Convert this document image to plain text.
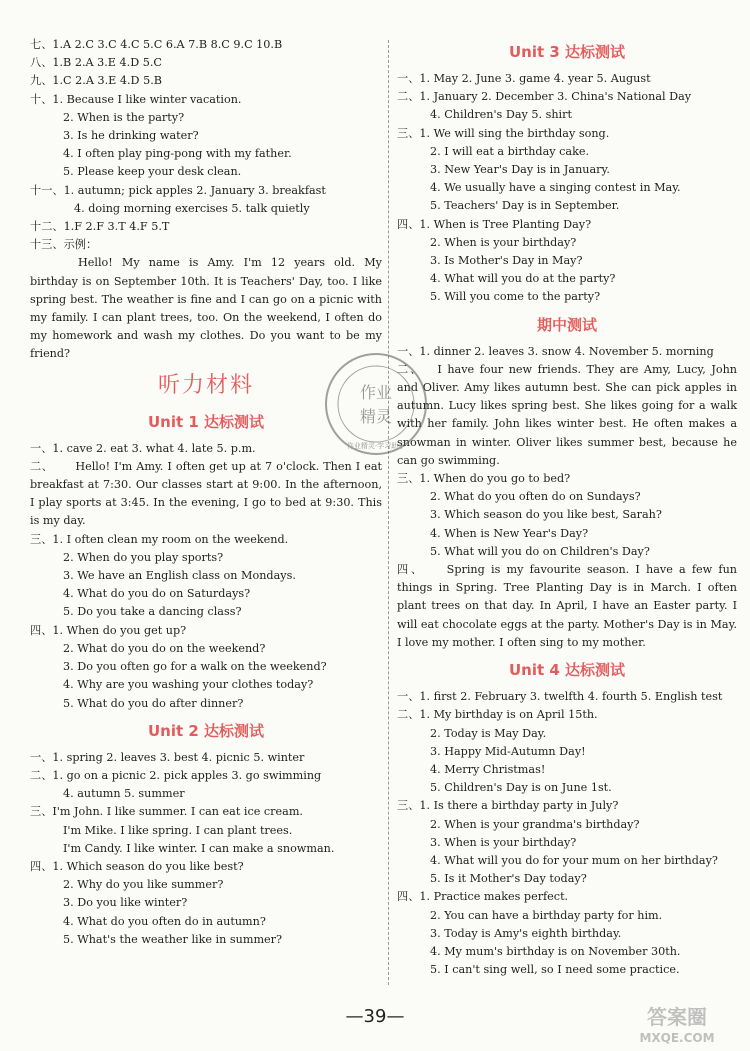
七、1.A 2.C 3.C 4.C 5.C 6.A 7.B 8.C 9.C 10.B
八、1.B 2.A 3.E 4.D 5.C
九、1.C 2.A 3.E 4.D 5.B
十、1. Because I like winter vacation.
2. When is the party?
3. Is he drinking water?
4. I often play ping-pong with my father.
5. Please keep your desk clean.
十一、1. autumn; pick apples 2. January 3. breakfast
4. doing morning exercises 5. talk quietly
十二、1.F 2.F 3.T 4.F 5.T
十三、示例：
Hello! My name is Amy. I'm 12 years old. My birthday is on September 10th. It is Teachers' Day, too. I like spring best. The weather is fine and I can go on a picnic with my family. I can plant trees, too. On the weekend, I often do my homework and wash my clothes. Do you want to be my friend?
听力材料
Unit 1 达标测试
一、1. cave 2. eat 3. what 4. late 5. p.m.
二、 Hello! I'm Amy. I often get up at 7 o'clock. Then I eat breakfast at 7:30. Our classes start at 9:00. In the afternoon, I play sports at 3:45. In the evening, I go to bed at 9:30. This is my day.
三、1. I often clean my room on the weekend.
2. When do you play sports?
3. We have an English class on Mondays.
4. What do you do on Saturdays?
5. Do you take a dancing class?
四、1. When do you get up?
2. What do you do on the weekend?
3. Do you often go for a walk on the weekend?
4. Why are you washing your clothes today?
5. What do you do after dinner?
Unit 2 达标测试
一、1. spring 2. leaves 3. best 4. picnic 5. winter
二、1. go on a picnic 2. pick apples 3. go swimming
4. autumn 5. summer
三、I'm John. I like summer. I can eat ice cream.
I'm Mike. I like spring. I can plant trees.
I'm Candy. I like winter. I can make a snowman.
四、1. Which season do you like best?
2. Why do you like summer?
3. Do you like winter?
4. What do you often do in autumn?
5. What's the weather like in summer?
Unit 3 达标测试
一、1. May 2. June 3. game 4. year 5. August
二、1. January 2. December 3. China's National Day
4. Children's Day 5. shirt
三、1. We will sing the birthday song.
2. I will eat a birthday cake.
3. New Year's Day is in January.
4. We usually have a singing contest in May.
5. Teachers' Day is in September.
四、1. When is Tree Planting Day?
2. When is your birthday?
3. Is Mother's Day in May?
4. What will you do at the party?
5. Will you come to the party?
期中测试
一、1. dinner 2. leaves 3. snow 4. November 5. morning
二、 I have four new friends. They are Amy, Lucy, John and Oliver. Amy likes autumn best. She can pick apples in autumn. Lucy likes spring best. She likes going for a walk with her family. John likes winter best. He often makes a snowman in winter. Oliver likes summer best, because he can go swimming.
三、1. When do you go to bed?
2. What do you often do on Sundays?
3. Which season do you like best, Sarah?
4. When is New Year's Day?
5. What will you do on Children's Day?
四、 Spring is my favourite season. I have a few fun things in Spring. Tree Planting Day is in March. I often plant trees on that day. In April, I have an Easter party. I will eat chocolate eggs at the party. Mother's Day is in May. I love my mother. I often sing to my mother.
Unit 4 达标测试
一、1. first 2. February 3. twelfth 4. fourth 5. English test
二、1. My birthday is on April 15th.
2. Today is May Day.
3. Happy Mid-Autumn Day!
4. Merry Christmas!
5. Children's Day is on June 1st.
三、1. Is there a birthday party in July?
2. When is your grandma's birthday?
3. When is your birthday?
4. What will you do for your mum on her birthday?
5. Is it Mother's Day today?
四、1. Practice makes perfect.
2. You can have a birthday party for him.
3. Today is Amy's eighth birthday.
4. My mum's birthday is on November 30th.
5. I can't sing well, so I need some practice.
作业
精灵
作业精灵·学习助手
—39—	答案圈
MXQE.COM
